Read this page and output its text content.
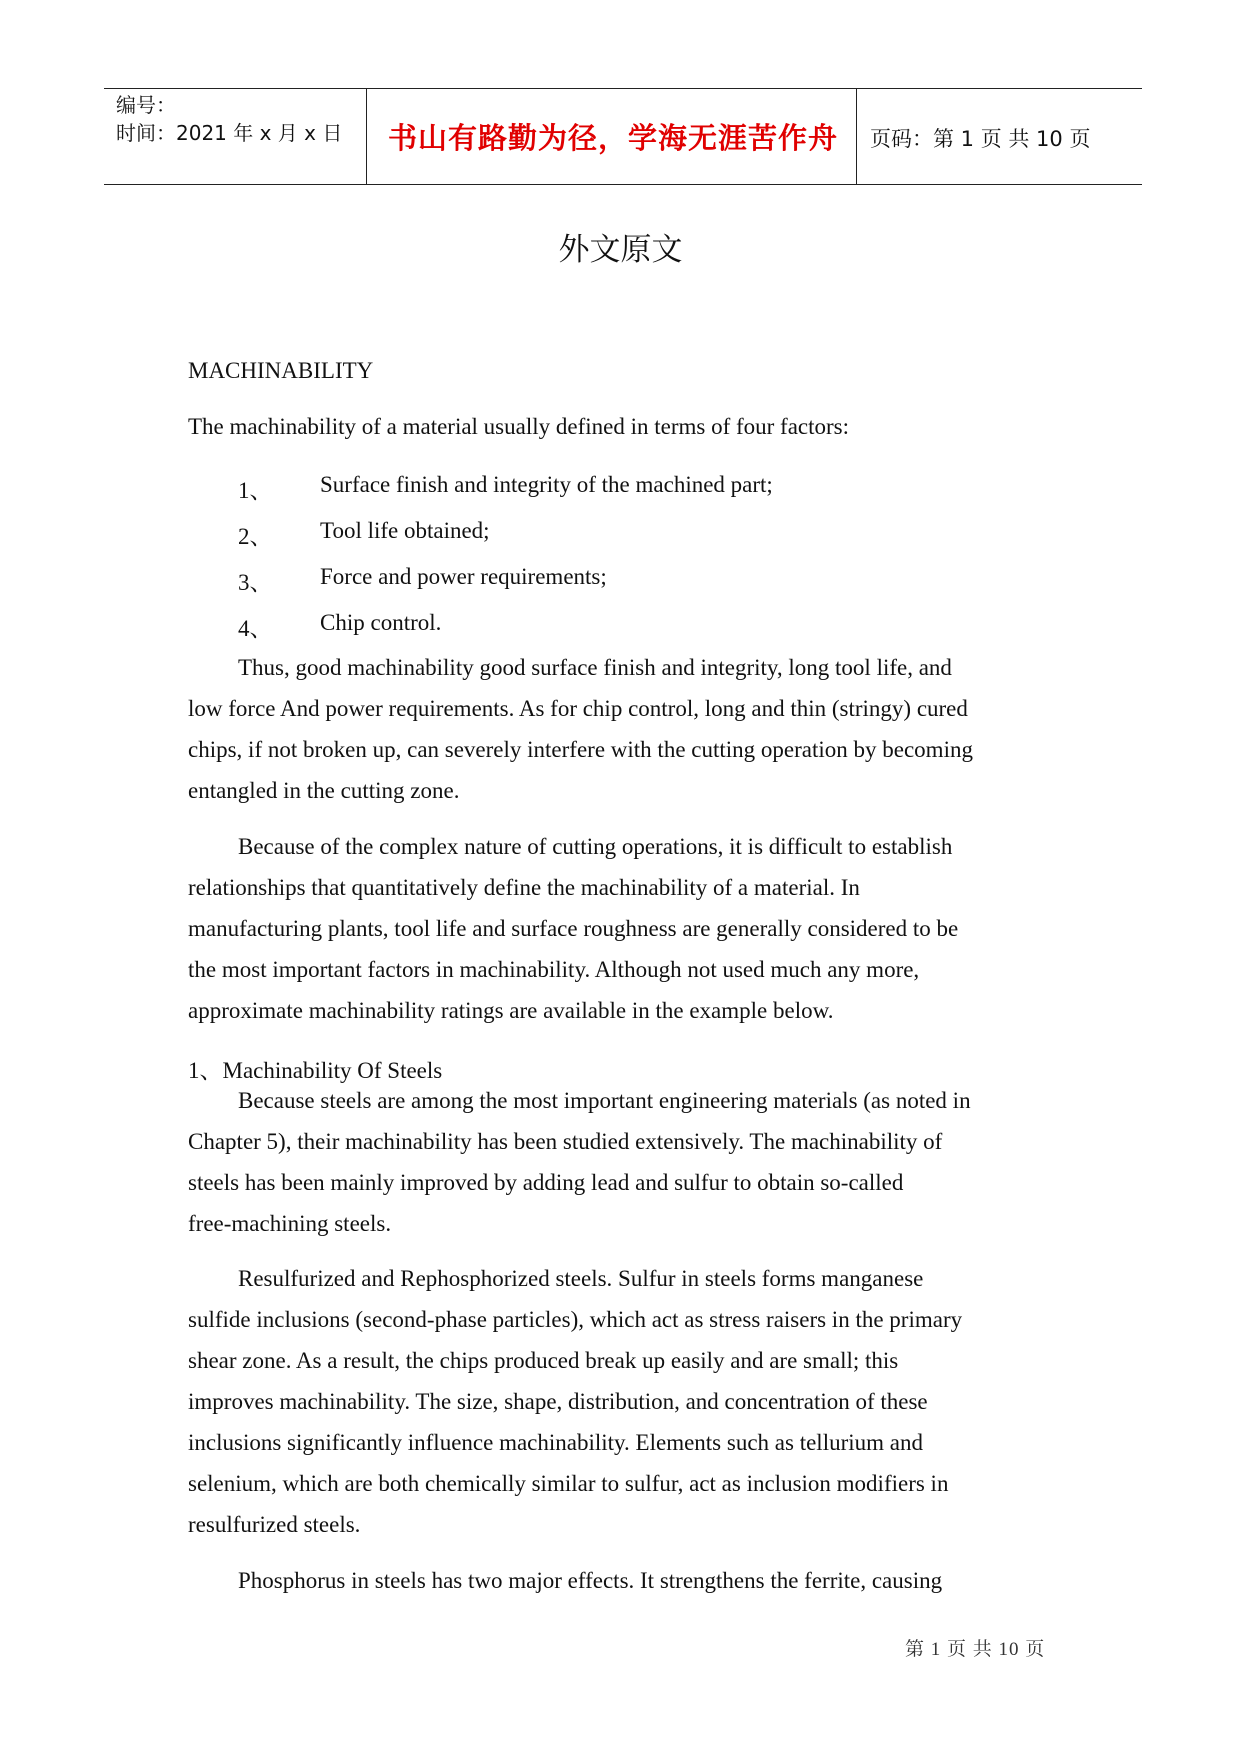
编号：
时间：2021 年 x 月 x 日	书山有路勤为径，学海无涯苦作舟	页码：第 1 页 共 10 页
外文原文
MACHINABILITY
The machinability of a material usually defined in terms of four factors:
1、 Surface finish and integrity of the machined part;
2、 Tool life obtained;
3、 Force and power requirements;
4、 Chip control.
Thus, good machinability good surface finish and integrity, long tool life, and
low force And power requirements. As for chip control, long and thin (stringy) cured
chips, if not broken up, can severely interfere with the cutting operation by becoming
entangled in the cutting zone.
Because of the complex nature of cutting operations, it is difficult to establish
relationships that quantitatively define the machinability of a material. In
manufacturing plants, tool life and surface roughness are generally considered to be
the most important factors in machinability. Although not used much any more,
approximate machinability ratings are available in the example below.
1、Machinability Of Steels
Because steels are among the most important engineering materials (as noted in
Chapter 5), their machinability has been studied extensively. The machinability of
steels has been mainly improved by adding lead and sulfur to obtain so-called
free-machining steels.
Resulfurized and Rephosphorized steels. Sulfur in steels forms manganese
sulfide inclusions (second-phase particles), which act as stress raisers in the primary
shear zone. As a result, the chips produced break up easily and are small; this
improves machinability. The size, shape, distribution, and concentration of these
inclusions significantly influence machinability. Elements such as tellurium and
selenium, which are both chemically similar to sulfur, act as inclusion modifiers in
resulfurized steels.
Phosphorus in steels has two major effects. It strengthens the ferrite, causing
第 1 页 共 10 页
